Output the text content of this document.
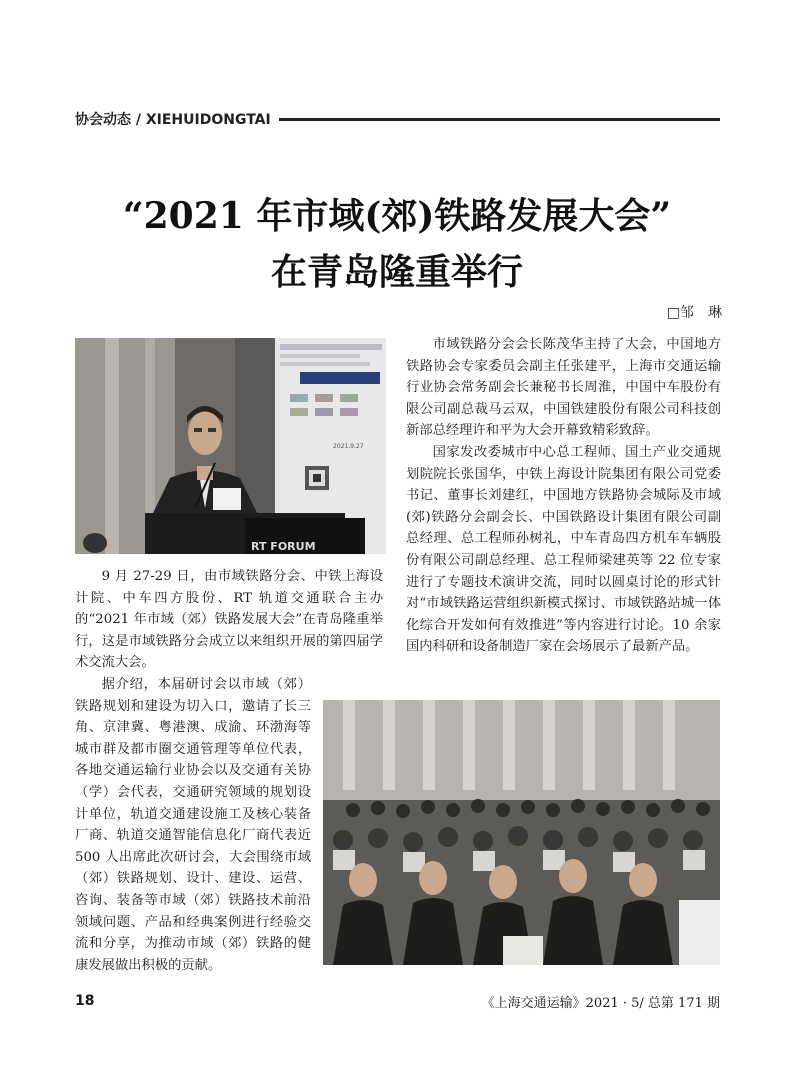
协会动态 / XIEHUIDONGTAI
“2021 年市域(郊)铁路发展大会”
在青岛隆重举行
□邹　琳
2021.9.27
RT FORUM

市域铁路分会会长陈茂华主持了大会，中国地方铁路协会专家委员会副主任张建平，上海市交通运输行业协会常务副会长兼秘书长周淮，中国中车股份有限公司副总裁马云双，中国铁建股份有限公司科技创新部总经理许和平为大会开幕致精彩致辞。

国家发改委城市中心总工程师、国土产业交通规划院院长张国华，中铁上海设计院集团有限公司党委书记、董事长刘建红，中国地方铁路协会城际及市域(郊)铁路分会副会长、中国铁路设计集团有限公司副总经理、总工程师孙树礼，中车青岛四方机车车辆股份有限公司副总经理、总工程师梁建英等 22 位专家进行了专题技术演讲交流，同时以圆桌讨论的形式针对“市域铁路运营组织新模式探讨、市域铁路站城一体化综合开发如何有效推进”等内容进行讨论。10 余家国内科研和设备制造厂家在会场展示了最新产品。

9 月 27-29 日，由市域铁路分会、中铁上海设计院、中车四方股份、RT 轨道交通联合主办的“2021 年市域（郊）铁路发展大会”在青岛隆重举行，这是市域铁路分会成立以来组织开展的第四届学术交流大会。

据介绍，本届研讨会以市域（郊）铁路规划和建设为切入口，邀请了长三角、京津冀、粤港澳、成渝、环渤海等城市群及都市圈交通管理等单位代表，各地交通运输行业协会以及交通有关协（学）会代表，交通研究领域的规划设计单位，轨道交通建设施工及核心装备厂商、轨道交通智能信息化厂商代表近 500 人出席此次研讨会，大会围绕市域（郊）铁路规划、设计、建设、运营、咨询、装备等市域（郊）铁路技术前沿领域问题、产品和经典案例进行经验交流和分享，为推动市域（郊）铁路的健康发展做出积极的贡献。

18	《上海交通运输》2021 · 5/ 总第 171 期
